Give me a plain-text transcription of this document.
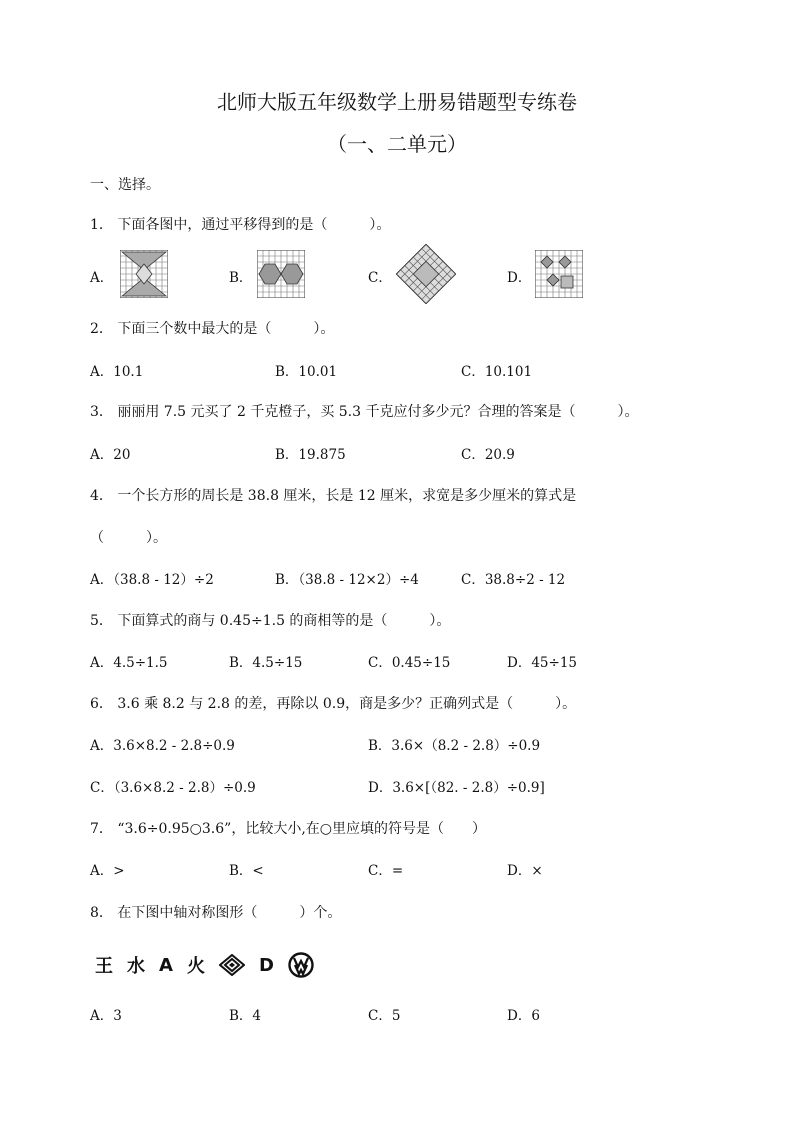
北师大版五年级数学上册易错题型专练卷
（一、二单元）
一、选择。
1． 下面各图中，通过平移得到的是（　　　）。
A．	B．	C．	D．
2． 下面三个数中最大的是（　　　）。
A．10.1	B．10.01	C．10.101
3． 丽丽用 7.5 元买了 2 千克橙子，买 5.3 千克应付多少元？合理的答案是（　　　）。
A．20	B．19.875	C．20.9
4． 一个长方形的周长是 38.8 厘米，长是 12 厘米，求宽是多少厘米的算式是
（　　　）。
A．（38.8 - 12）÷2	B．（38.8 - 12×2）÷4	C．38.8÷2 - 12
5． 下面算式的商与 0.45÷1.5 的商相等的是（　　　）。
A．4.5÷1.5	B．4.5÷15	C．0.45÷15	D．45÷15
6． 3.6 乘 8.2 与 2.8 的差，再除以 0.9，商是多少？正确列式是（　　　）。
A．3.6×8.2 - 2.8÷0.9	B．3.6×（8.2 - 2.8）÷0.9
C．（3.6×8.2 - 2.8）÷0.9	D．3.6×[（82. - 2.8）÷0.9]
7． “3.6÷0.95○3.6”，比较大小,在○里应填的符号是（　　）
A．>	B．<	C．=	D．×
8． 在下图中轴对称图形（　　　）个。
王 水 A 火	D
A．3	B．4	C．5	D．6
